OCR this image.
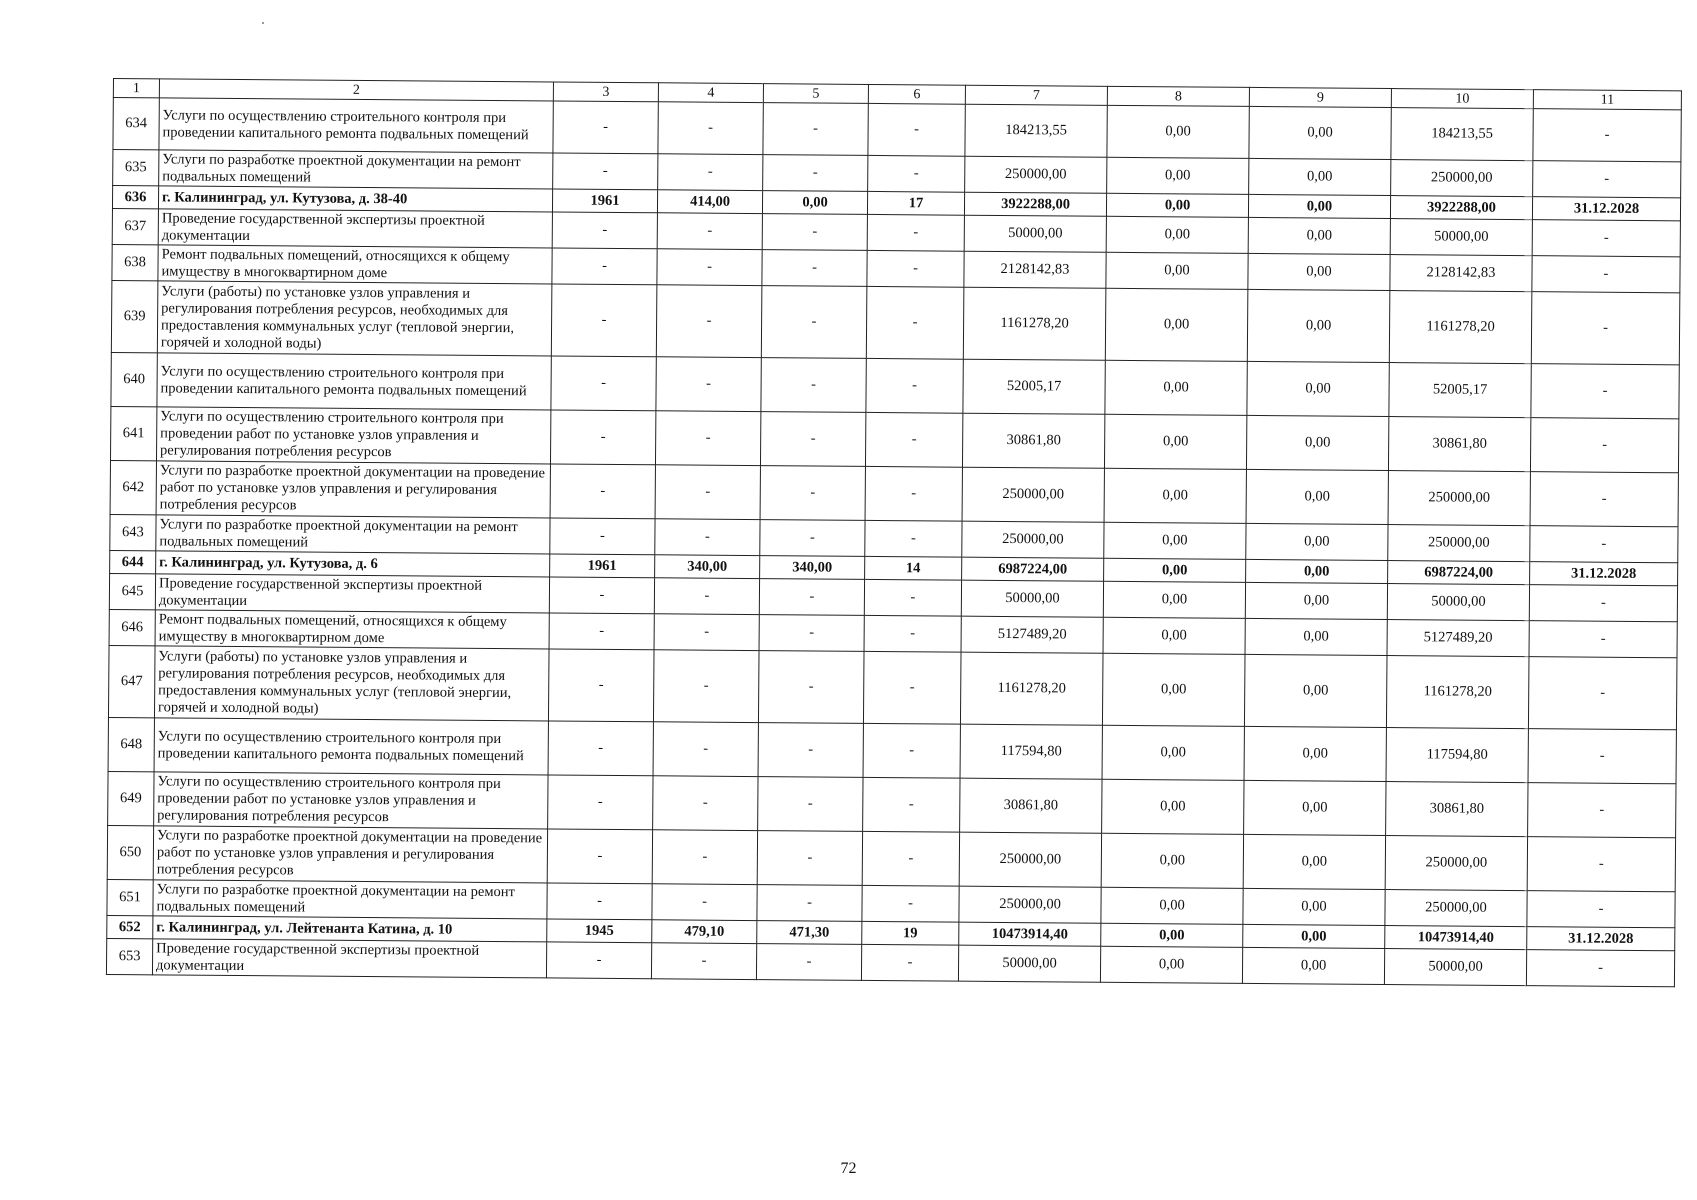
1	2	3	4	5	6	7	8	9	10	11
634	Услуги по осуществлению строительного контроля при проведении капитального ремонта подвальных помещений	-	-	-	-	184213,55	0,00	0,00	184213,55	-
635	Услуги по разработке проектной документации на ремонт подвальных помещений	-	-	-	-	250000,00	0,00	0,00	250000,00	-
636	г. Калининград, ул. Кутузова, д. 38-40	1961	414,00	0,00	17	3922288,00	0,00	0,00	3922288,00	31.12.2028
637	Проведение государственной экспертизы проектной документации	-	-	-	-	50000,00	0,00	0,00	50000,00	-
638	Ремонт подвальных помещений, относящихся к общему имуществу в многоквартирном доме	-	-	-	-	2128142,83	0,00	0,00	2128142,83	-
639	Услуги (работы) по установке узлов управления и регулирования потребления ресурсов, необходимых для предоставления коммунальных услуг (тепловой энергии, горячей и холодной воды)	-	-	-	-	1161278,20	0,00	0,00	1161278,20	-
640	Услуги по осуществлению строительного контроля при проведении капитального ремонта подвальных помещений	-	-	-	-	52005,17	0,00	0,00	52005,17	-
641	Услуги по осуществлению строительного контроля при проведении работ по установке узлов управления и регулирования потребления ресурсов	-	-	-	-	30861,80	0,00	0,00	30861,80	-
642	Услуги по разработке проектной документации на проведение работ по установке узлов управления и регулирования потребления ресурсов	-	-	-	-	250000,00	0,00	0,00	250000,00	-
643	Услуги по разработке проектной документации на ремонт подвальных помещений	-	-	-	-	250000,00	0,00	0,00	250000,00	-
644	г. Калининград, ул. Кутузова, д. 6	1961	340,00	340,00	14	6987224,00	0,00	0,00	6987224,00	31.12.2028
645	Проведение государственной экспертизы проектной документации	-	-	-	-	50000,00	0,00	0,00	50000,00	-
646	Ремонт подвальных помещений, относящихся к общему имуществу в многоквартирном доме	-	-	-	-	5127489,20	0,00	0,00	5127489,20	-
647	Услуги (работы) по установке узлов управления и регулирования потребления ресурсов, необходимых для предоставления коммунальных услуг (тепловой энергии, горячей и холодной воды)	-	-	-	-	1161278,20	0,00	0,00	1161278,20	-
648	Услуги по осуществлению строительного контроля при проведении капитального ремонта подвальных помещений	-	-	-	-	117594,80	0,00	0,00	117594,80	-
649	Услуги по осуществлению строительного контроля при проведении работ по установке узлов управления и регулирования потребления ресурсов	-	-	-	-	30861,80	0,00	0,00	30861,80	-
650	Услуги по разработке проектной документации на проведение работ по установке узлов управления и регулирования потребления ресурсов	-	-	-	-	250000,00	0,00	0,00	250000,00	-
651	Услуги по разработке проектной документации на ремонт подвальных помещений	-	-	-	-	250000,00	0,00	0,00	250000,00	-
652	г. Калининград, ул. Лейтенанта Катина, д. 10	1945	479,10	471,30	19	10473914,40	0,00	0,00	10473914,40	31.12.2028
653	Проведение государственной экспертизы проектной документации	-	-	-	-	50000,00	0,00	0,00	50000,00	-
72
